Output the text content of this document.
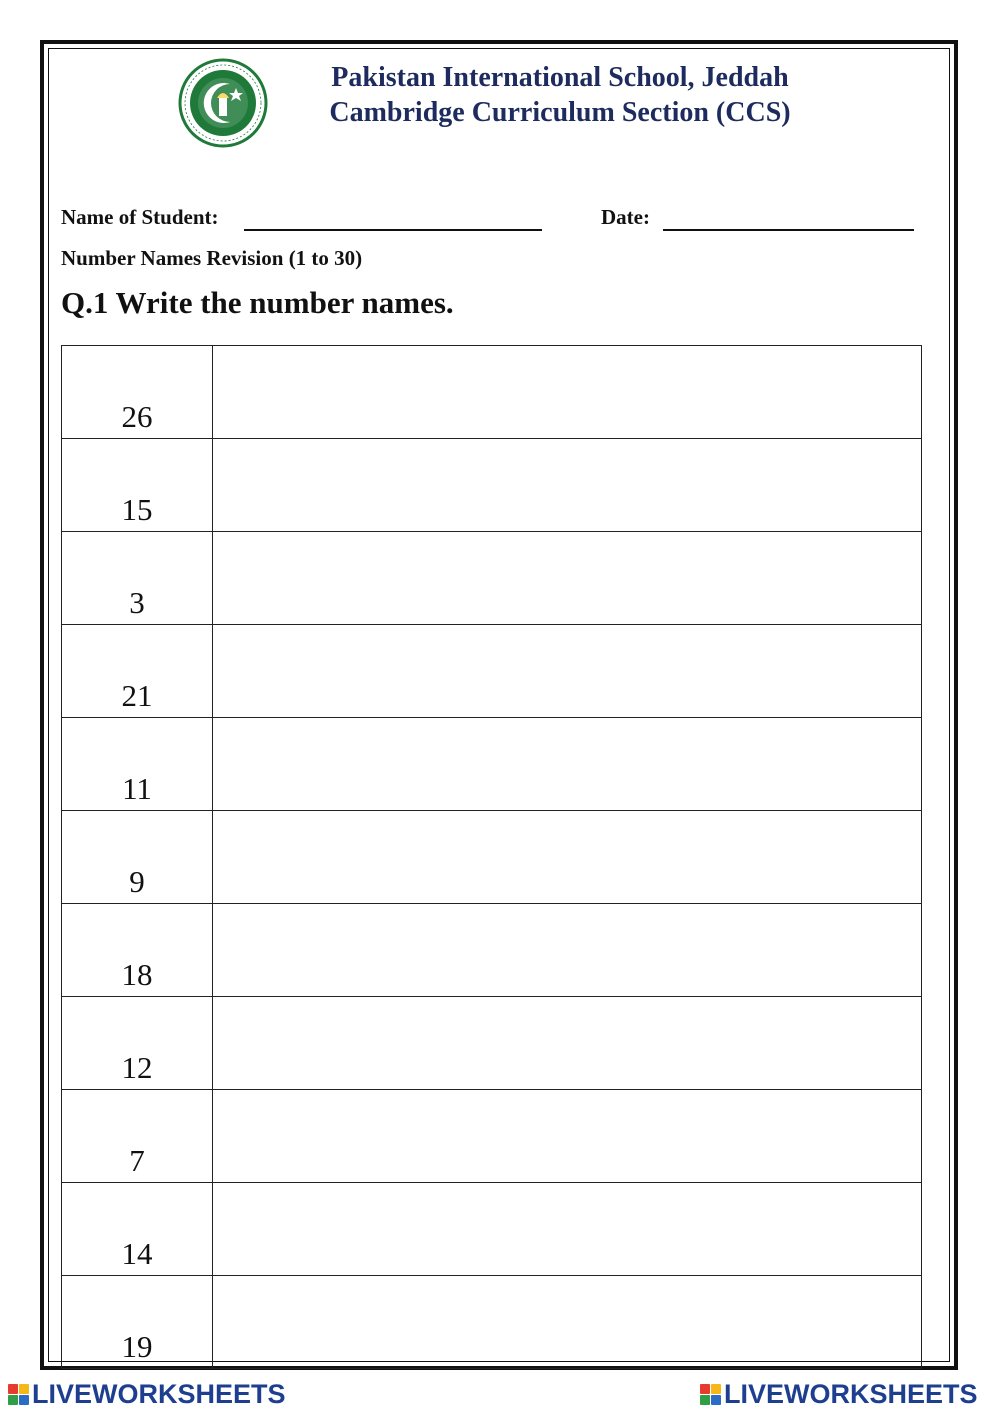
Pakistan International School, Jeddah
Cambridge Curriculum Section (CCS)
Name of Student:	Date:
Number Names Revision (1 to 30)
Q.1 Write the number names.
26	
15	
3	
21	
11	
9	
18	
12	
7	
14	
19	
LIVEWORKSHEETS	LIVEWORKSHEETS
